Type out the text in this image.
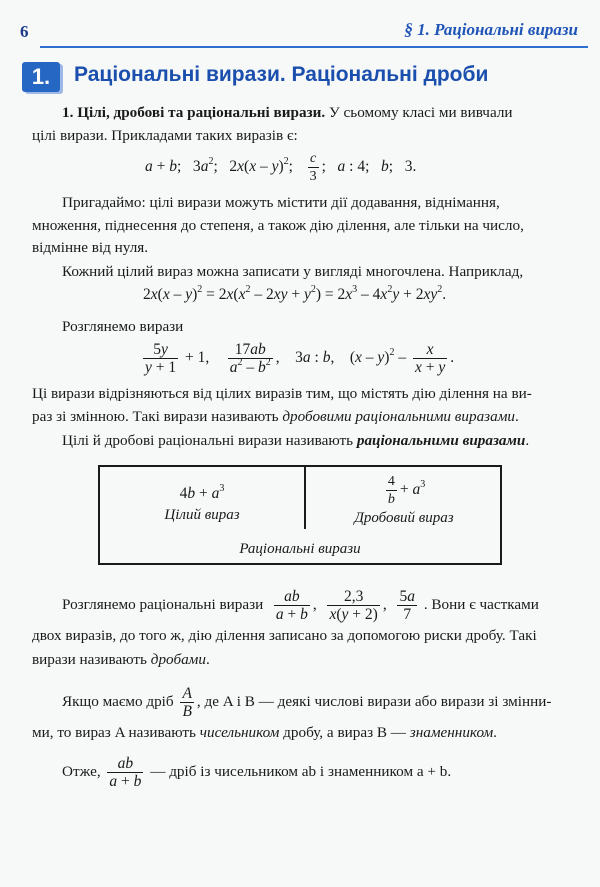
6	§ 1. Раціональні вирази
1.	Раціональні вирази. Раціональні дроби
1. Цілі, дробові та раціональні вирази. У сьомому класі ми вивчали
цілі вирази. Прикладами таких виразів є:
a + b;   $3a^2$;   2x(x – y)$^2$; $\frac{c}{3}$ ;   a : 4;   b;   3.
Пригадаймо: цілі вирази можуть містити дії додавання, віднімання,
множення, піднесення до степеня, а також дію ділення, але тільки на число,
відмінне від нуля.
Кожний цілий вираз можна записати у вигляді многочлена. Наприклад,
$2x(x - y)^2 = 2x(x^2 - 2xy + y^2) = 2x^3 - 4x^2y + 2xy^2$.
Розглянемо вирази
$\frac{5y}{y + 1} + 1$, $\frac{17ab}{a^2 - b^2}$ ,    3a : b,    $(x - y)^2 - \frac{x}{x + y}$ .
Ці вирази відрізняються від цілих виразів тим, що містять дію ділення на ви-
раз зі змінною. Такі вирази називають дробовими раціональними виразами.
Цілі й дробові раціональні вирази називають раціональними виразами.
$4b + a^3$
Цілий вираз
$\frac{4}{b} + a^3$
Дробовий вираз
Раціональні вирази
Розглянемо раціональні вирази $\frac{ab}{a + b}$ , $\frac{2,3}{x(y + 2)}$ , $\frac{5a}{7}$ . Вони є частками
двох виразів, до того ж, дію ділення записано за допомогою риски дробу. Такі
вирази називають дробами.
Якщо маємо дріб $\frac{A}{B}$ , де A і B — деякі числові вирази або вирази зі змінни-
ми, то вираз A називають чисельником дробу, а вираз B — знаменником.
Отже, $\frac{ab}{a + b}$ — дріб із чисельником ab і знаменником a + b.
